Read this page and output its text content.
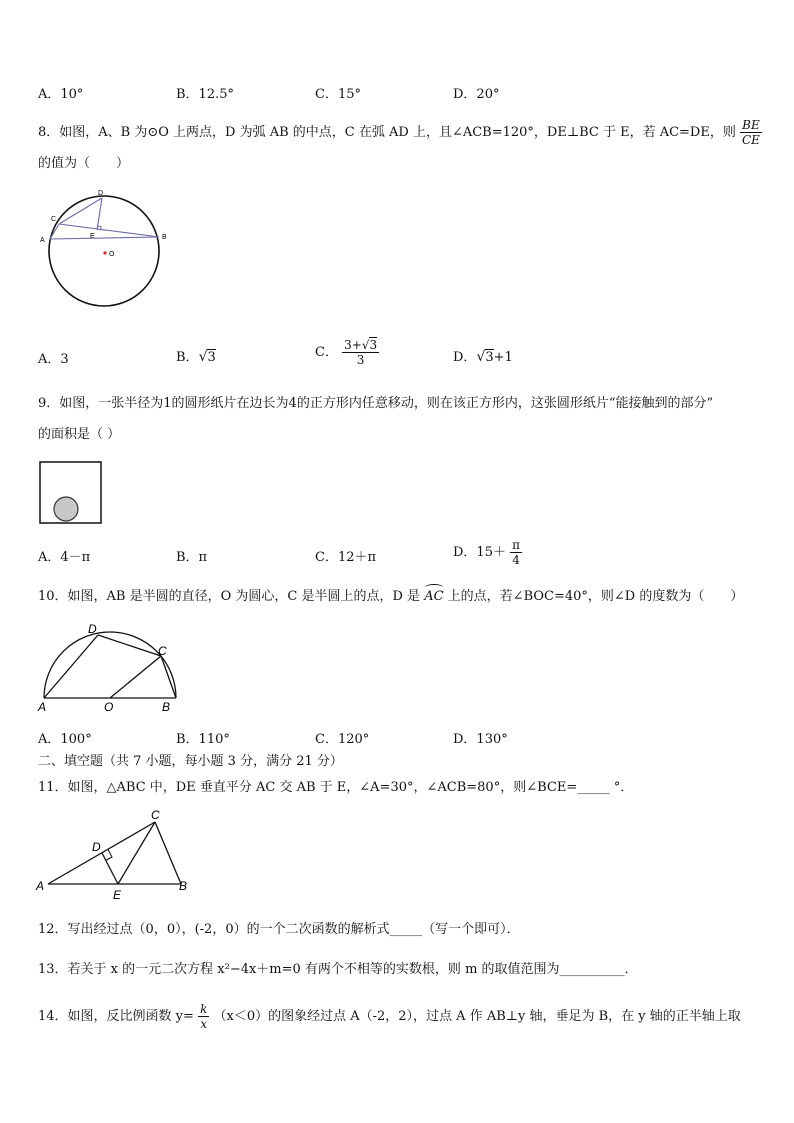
A．10°	B．12.5°	C．15°	D．20°
8．如图，A、B 为⊙O 上两点，D 为弧 AB 的中点，C 在弧 AD 上，且∠ACB=120°，DE⊥BC 于 E，若 AC=DE，则 $\frac{BE}{CE}$
的值为（　　）
A	B
C
D
E
O
A．3	B．√3	C． $\frac{3+√3}{3}$	D．√3+1
9．如图，一张半径为1的圆形纸片在边长为4的正方形内任意移动，则在该正方形内，这张圆形纸片“能接触到的部分”
的面积是（ ）
A．4－π	B．π	C．12＋π	D．$15+ \frac{\pi}{4}$
10．如图，AB 是半圆的直径，O 为圆心，C 是半圆上的点，D 是 AC 上的点，若∠BOC=40°，则∠D 的度数为（　　）
A	O	B
C
D
A．100°	B．110°	C．120°	D．130°
二、填空题（共 7 小题，每小题 3 分，满分 21 分）
11．如图，△ABC 中，DE 垂直平分 AC 交 AB 于 E，∠A=30°，∠ACB=80°，则∠BCE=_____ °．
A	B
C
D
E
12．写出经过点（0，0），(-2，0）的一个二次函数的解析式_____（写一个即可）．
13．若关于 x 的一元二次方程 x²−4x＋m=0 有两个不相等的实数根，则 m 的取值范围为__________．
14．如图，反比例函数 $y= \frac{k}{x} (x<0)$的图象经过点 A（-2，2），过点 A 作 AB⊥y 轴，垂足为 B，在 y 轴的正半轴上取
